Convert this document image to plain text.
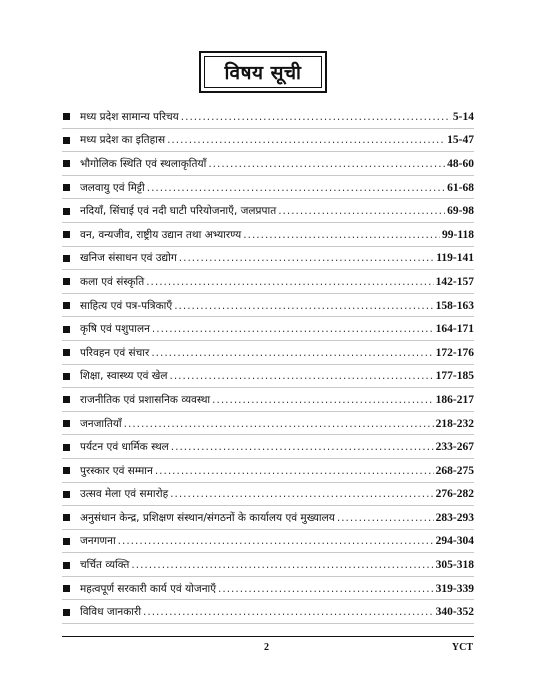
विषय सूची
मध्य प्रदेश सामान्य परिचय .....	5-14
मध्य प्रदेश का इतिहास .....	15-47
भौगोलिक स्थिति एवं स्थलाकृतियाँ .....	48-60
जलवायु एवं मिट्टी .....	61-68
नदियाँ, सिंचाई एवं नदी घाटी परियोजनाएँ, जलप्रपात .....	69-98
वन, वन्यजीव, राष्ट्रीय उद्यान तथा अभ्यारण्य .....	99-118
खनिज संसाधन एवं उद्योग .....	119-141
कला एवं संस्कृति .....	142-157
साहित्य एवं पत्र-पत्रिकाएँ .....	158-163
कृषि एवं पशुपालन .....	164-171
परिवहन एवं संचार .....	172-176
शिक्षा, स्वास्थ्य एवं खेल .....	177-185
राजनीतिक एवं प्रशासनिक व्यवस्था .....	186-217
जनजातियाँ .....	218-232
पर्यटन एवं धार्मिक स्थल .....	233-267
पुरस्कार एवं सम्मान .....	268-275
उत्सव मेला एवं समारोह .....	276-282
अनुसंधान केन्द्र, प्रशिक्षण संस्थान/संगठनों के कार्यालय एवं मुख्यालय .....	283-293
जनगणना .....	294-304
चर्चित व्यक्ति .....	305-318
महत्वपूर्ण सरकारी कार्य एवं योजनाएँ .....	319-339
विविध जानकारी .....	340-352
2	YCT
